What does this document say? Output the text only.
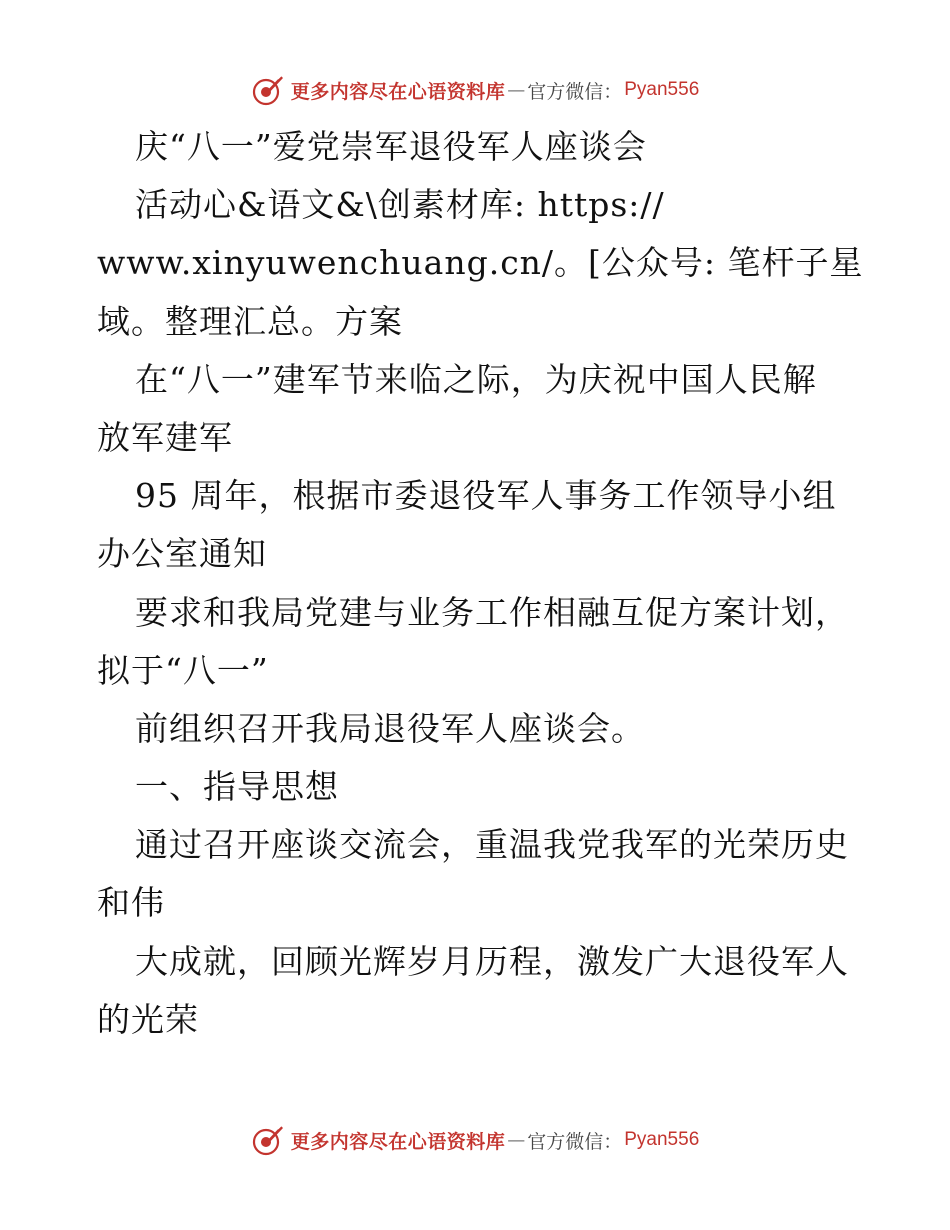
更多内容尽在心语资料库 — 官方微信： Pyan556
庆“八一”爱党崇军退役军人座谈会
活动心&语文&\创素材库: https://
www.xinyuwenchuang.cn/。[公众号: 笔杆子星
域。整理汇总。方案
在“八一”建军节来临之际，为庆祝中国人民解
放军建军
95 周年，根据市委退役军人事务工作领导小组
办公室通知
要求和我局党建与业务工作相融互促方案计划，
拟于“八一”
前组织召开我局退役军人座谈会。
一、指导思想
通过召开座谈交流会，重温我党我军的光荣历史
和伟
大成就，回顾光辉岁月历程，激发广大退役军人
的光荣
更多内容尽在心语资料库 — 官方微信： Pyan556
